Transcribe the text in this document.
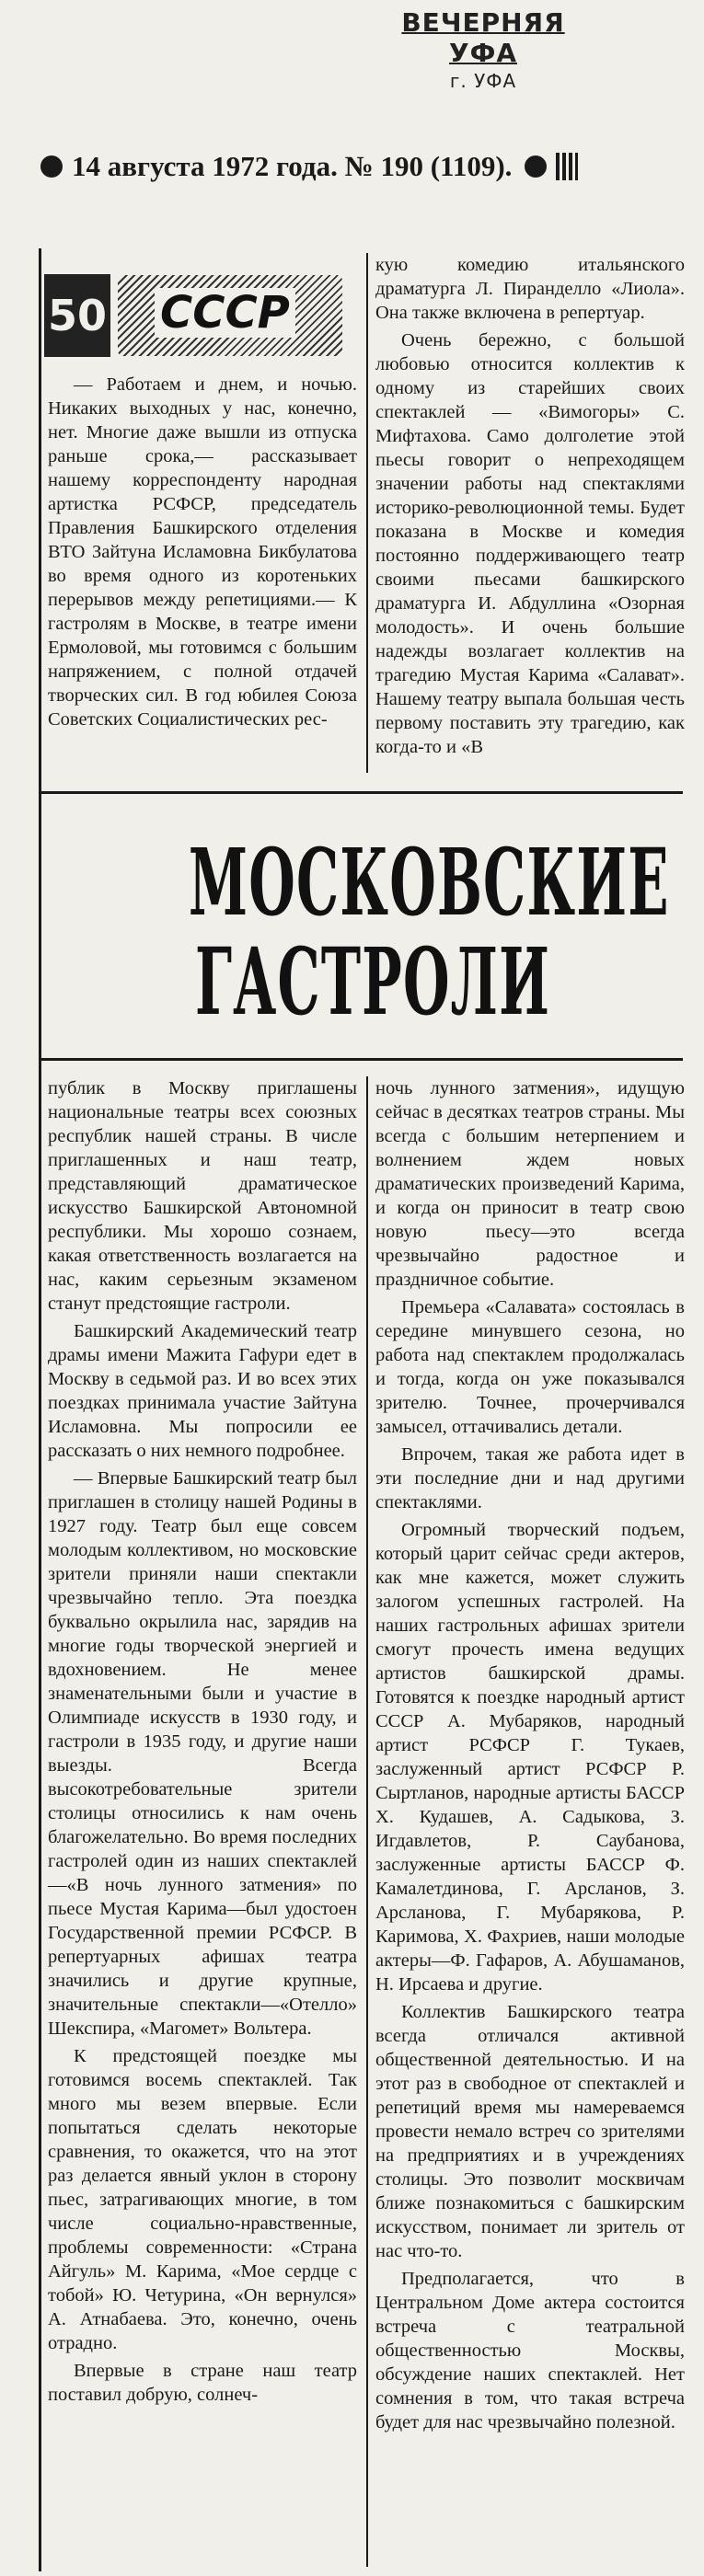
ВЕЧЕРНЯЯ УФА
г. УФА
14 августа 1972 года. № 190 (1109).
50 СССР

— Работаем и днем, и ночью. Никаких выходных у нас, конечно, нет. Многие даже вышли из отпуска раньше срока,— рассказывает нашему корреспонденту народная артистка РСФСР, председатель Правления Башкирского отделения ВТО Зайтуна Исламовна Бикбулатова во время одного из коротеньких перерывов между репетициями.— К гастролям в Москве, в театре имени Ермоловой, мы готовимся с большим напряжением, с полной отдачей творческих сил. В год юбилея Союза Советских Социалистических рес-

кую комедию итальянского драматурга Л. Пиранделло «Лиола». Она также включена в репертуар.

Очень бережно, с большой любовью относится коллектив к одному из старейших своих спектаклей — «Вимогоры» С. Мифтахова. Само долголетие этой пьесы говорит о непреходящем значении работы над спектаклями историко-революционной темы. Будет показана в Москве и комедия постоянно поддерживающего театр своими пьесами башкирского драматурга И. Абдуллина «Озорная молодость». И очень большие надежды возлагает коллектив на трагедию Мустая Карима «Салават». Нашему театру выпала большая честь первому поставить эту трагедию, как когда-то и «В

МОСКОВСКИЕ
ГАСТРОЛИ

публик в Москву приглашены национальные театры всех союзных республик нашей страны. В числе приглашенных и наш театр, представляющий драматическое искусство Башкирской Автономной республики. Мы хорошо сознаем, какая ответственность возлагается на нас, каким серьезным экзаменом станут предстоящие гастроли.

Башкирский Академический театр драмы имени Мажита Гафури едет в Москву в седьмой раз. И во всех этих поездках принимала участие Зайтуна Исламовна. Мы попросили ее рассказать о них немного подробнее.

— Впервые Башкирский театр был приглашен в столицу нашей Родины в 1927 году. Театр был еще совсем молодым коллективом, но московские зрители приняли наши спектакли чрезвычайно тепло. Эта поездка буквально окрылила нас, зарядив на многие годы творческой энергией и вдохновением. Не менее знаменательными были и участие в Олимпиаде искусств в 1930 году, и гастроли в 1935 году, и другие наши выезды. Всегда высокотребовательные зрители столицы относились к нам очень благожелательно. Во время последних гастролей один из наших спектаклей—«В ночь лунного затмения» по пьесе Мустая Карима—был удостоен Государственной премии РСФСР. В репертуарных афишах театра значились и другие крупные, значительные спектакли—«Отелло» Шекспира, «Магомет» Вольтера.

К предстоящей поездке мы готовимся восемь спектаклей. Так много мы везем впервые. Если попытаться сделать некоторые сравнения, то окажется, что на этот раз делается явный уклон в сторону пьес, затрагивающих многие, в том числе социально-нравственные, проблемы современности: «Страна Айгуль» М. Карима, «Мое сердце с тобой» Ю. Четурина, «Он вернулся» А. Атнабаева. Это, конечно, очень отрадно.

Впервые в стране наш театр поставил добрую, солнеч-

ночь лунного затмения», идущую сейчас в десятках театров страны. Мы всегда с большим нетерпением и волнением ждем новых драматических произведений Карима, и когда он приносит в театр свою новую пьесу—это всегда чрезвычайно радостное и праздничное событие.

Премьера «Салавата» состоялась в середине минувшего сезона, но работа над спектаклем продолжалась и тогда, когда он уже показывался зрителю. Точнее, прочерчивался замысел, оттачивались детали.

Впрочем, такая же работа идет в эти последние дни и над другими спектаклями.

Огромный творческий подъем, который царит сейчас среди актеров, как мне кажется, может служить залогом успешных гастролей. На наших гастрольных афишах зрители смогут прочесть имена ведущих артистов башкирской драмы. Готовятся к поездке народный артист СССР А. Мубаряков, народный артист РСФСР Г. Тукаев, заслуженный артист РСФСР Р. Сыртланов, народные артисты БАССР Х. Кудашев, А. Садыкова, З. Игдавлетов, Р. Саубанова, заслуженные артисты БАССР Ф. Камалетдинова, Г. Арсланов, З. Арсланова, Г. Мубарякова, Р. Каримова, Х. Фахриев, наши молодые актеры—Ф. Гафаров, А. Абушаманов, Н. Ирсаева и другие.

Коллектив Башкирского театра всегда отличался активной общественной деятельностью. И на этот раз в свободное от спектаклей и репетиций время мы намереваемся провести немало встреч со зрителями на предприятиях и в учреждениях столицы. Это позволит москвичам ближе познакомиться с башкирским искусством, понимает ли зритель от нас что-то.

Предполагается, что в Центральном Доме актера состоится встреча с театральной общественностью Москвы, обсуждение наших спектаклей. Нет сомнения в том, что такая встреча будет для нас чрезвычайно полезной.
